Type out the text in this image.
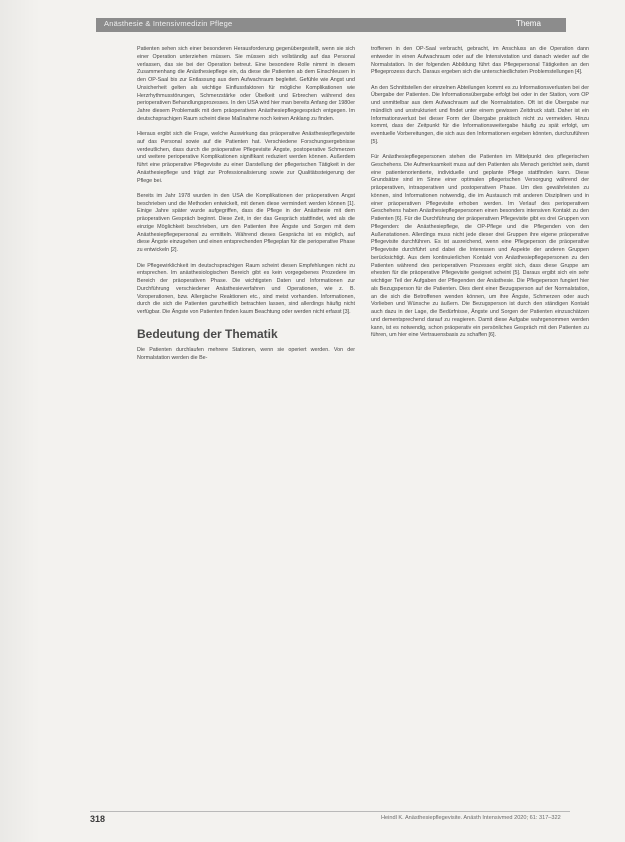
Anästhesie & Intensivmedizin Pflege	Thema

Patienten sehen sich einer besonderen Herausforderung gegenübergestellt, wenn sie sich einer Operation unterziehen müssen. Sie müssen sich vollständig auf das Personal verlassen, das sie bei der Operation betreut. Eine besondere Rolle nimmt in diesem Zusammenhang die Anästhesiepflege ein, da diese die Patienten ab dem Einschleusen in den OP-Saal bis zur Entlassung aus dem Aufwachraum begleitet. Gefühle wie Angst und Unsicherheit gelten als wichtige Einflussfaktoren für mögliche Komplikationen wie Herzrhythmusstörungen, Schmerzstärke oder Übelkeit und Erbrechen während des perioperativen Behandlungsprozesses. In den USA wird hier man bereits Anfang der 1980er Jahre diesem Problematik mit dem präoperativen Anästhesiepflegegespräch entgegen. Im deutschsprachigen Raum scheint diese Maßnahme noch keinen Anklang zu finden.

Hieraus ergibt sich die Frage, welche Auswirkung das präoperative Anästhesiepflegevisite auf das Personal sowie auf die Patienten hat. Verschiedene Forschungsergebnisse verdeutlichen, dass durch die präoperative Pflegevisite Ängste, postoperative Schmerzen und weitere perioperative Komplikationen signifikant reduziert werden können. Außerdem führt eine präoperative Pflegevisite zu einer Darstellung der pflegerischen Tätigkeit in der Anästhesiepflege und trägt zur Professionalisierung sowie zur Qualitätssteigerung der Pflege bei.

Bereits im Jahr 1978 wurden in den USA die Komplikationen der präoperativen Angst beschrieben und die Methoden entwickelt, mit denen diese vermindert werden können [1]. Einige Jahre später wurde aufgegriffen, dass die Pflege in der Anästhesie mit dem präoperativen Gespräch beginnt. Diese Zeit, in der das Gespräch stattfindet, wird als die einzige Möglichkeit beschrieben, um den Patienten ihre Ängste und Sorgen mit dem Anästhesiepflegepersonal zu ermitteln. Während dieses Gesprächs ist es möglich, auf diese Ängste einzugehen und einen entsprechenden Pflegeplan für die perioperative Phase zu entwickeln [2].

Die Pflegewirklichkeit im deutschsprachigen Raum scheint diesen Empfehlungen nicht zu entsprechen. Im anästhesiologischen Bereich gibt es kein vorgegebenes Prozedere im Bereich der präoperativen Phase. Die wichtigsten Daten und Informationen zur Durchführung verschiedener Anästhesieverfahren und Operationen, wie z. B. Voroperationen, bzw. Allergische Reaktionen etc., sind meist vorhanden. Informationen, durch die sich die Patienten ganzheitlich betrachten lassen, sind allerdings häufig nicht verfügbar. Die Ängste von Patienten finden kaum Beachtung oder werden nicht erfasst [3].

Bedeutung der Thematik

Die Patienten durchlaufen mehrere Stationen, wenn sie operiert werden. Von der Normalstation werden die Be-

troffenen in den OP-Saal verbracht, gebracht, im Anschluss an die Operation dann entweder in einen Aufwachraum oder auf die Intensivstation und danach wieder auf die Normalstation. In der folgenden Abbildung führt das Pflegepersonal Tätigkeiten an den Pflegeprozess durch. Daraus ergeben sich die unterschiedlichsten Problemstellungen [4].

An den Schnittstellen der einzelnen Abteilungen kommt es zu Informationsverlusten bei der Übergabe der Patienten. Die Informationsübergabe erfolgt bei oder in der Station, vom OP und unmittelbar aus dem Aufwachraum auf die Normalstation. Oft ist die Übergabe nur mündlich und unstrukturiert und findet unter einem gewissen Zeitdruck statt. Daher ist ein Informationsverlust bei dieser Form der Übergabe praktisch nicht zu vermeiden. Hinzu kommt, dass der Zeitpunkt für die Informationsweitergabe häufig zu spät erfolgt, um eventuelle Vorbereitungen, die sich aus den Informationen ergeben könnten, durchzuführen [5].

Für Anästhesiepflegepersonen stehen die Patienten im Mittelpunkt des pflegerischen Geschehens. Die Aufmerksamkeit muss auf den Patienten als Mensch gerichtet sein, damit eine patientenorientierte, individuelle und geplante Pflege stattfinden kann. Diese Grundsätze sind im Sinne einer optimalen pflegerischen Versorgung während der präoperativen, intraoperativen und postoperativen Phase. Um dies gewährleisten zu können, sind Informationen notwendig, die im Austausch mit anderen Disziplinen und in einer präoperativen Pflegevisite erhoben werden. Im Verlauf des perioperativen Geschehens haben Anästhesiepflegepersonen einen besonders intensiven Kontakt zu den Patienten [6]. Für die Durchführung der präoperativen Pflegevisite gibt es drei Gruppen von Pflegenden: die Anästhesiepflege, die OP-Pflege und die Pflegenden von den Außenstationen. Allerdings muss nicht jede dieser drei Gruppen ihre eigene präoperative Pflegevisite durchführen. Es ist ausreichend, wenn eine Pflegeperson die präoperative Pflegevisite durchführt und dabei die Interessen und Aspekte der anderen Gruppen berücksichtigt. Aus dem kontinuierlichen Kontakt von Anästhesiepflegepersonen zu den Patienten während des perioperativen Prozesses ergibt sich, dass diese Gruppe am ehesten für die präoperative Pflegevisite geeignet scheint [5]. Daraus ergibt sich ein sehr wichtiger Teil der Aufgaben der Pflegenden der Anästhesie. Die Pflegeperson fungiert hier als Bezugsperson für die Patienten. Dies dient einer Bezugsperson auf der Normalstation, an die sich die Betroffenen wenden können, um ihre Ängste, Schmerzen oder auch Vorlieben und Wünsche zu äußern. Die Bezugsperson ist durch den ständigen Kontakt auch dazu in der Lage, die Bedürfnisse, Ängste und Sorgen der Patienten einzuschätzen und dementsprechend darauf zu reagieren. Damit diese Aufgabe wahrgenommen werden kann, ist es notwendig, schon präoperativ ein persönliches Gespräch mit den Patienten zu führen, um hier eine Vertrauensbasis zu schaffen [6].

318	Heindl K. Anästhesiepflegevisite. Anästh Intensivmed 2020; 61: 317–322
